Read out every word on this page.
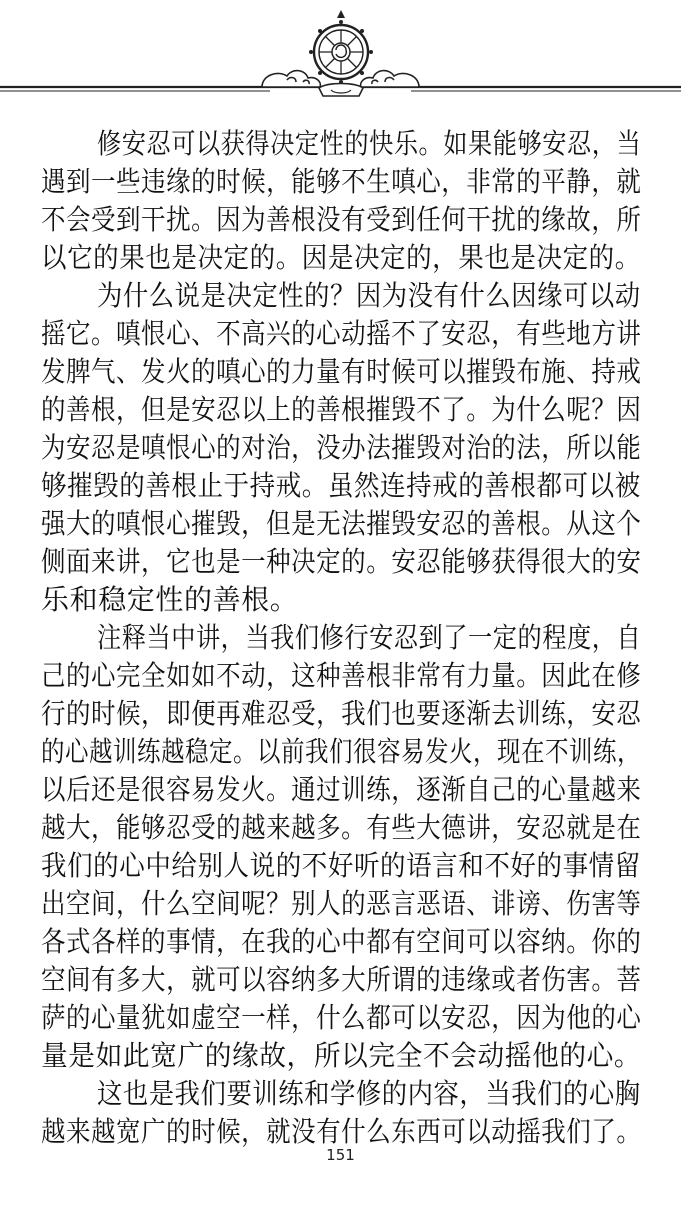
修安忍可以获得决定性的快乐。如果能够安忍，当
遇到一些违缘的时候，能够不生嗔心，非常的平静，就
不会受到干扰。因为善根没有受到任何干扰的缘故，所
以它的果也是决定的。因是决定的，果也是决定的。
为什么说是决定性的？因为没有什么因缘可以动
摇它。嗔恨心、不高兴的心动摇不了安忍，有些地方讲
发脾气、发火的嗔心的力量有时候可以摧毁布施、持戒
的善根，但是安忍以上的善根摧毁不了。为什么呢？因
为安忍是嗔恨心的对治，没办法摧毁对治的法，所以能
够摧毁的善根止于持戒。虽然连持戒的善根都可以被
强大的嗔恨心摧毁，但是无法摧毁安忍的善根。从这个
侧面来讲，它也是一种决定的。安忍能够获得很大的安
乐和稳定性的善根。
注释当中讲，当我们修行安忍到了一定的程度，自
己的心完全如如不动，这种善根非常有力量。因此在修
行的时候，即便再难忍受，我们也要逐渐去训练，安忍
的心越训练越稳定。以前我们很容易发火，现在不训练，
以后还是很容易发火。通过训练，逐渐自己的心量越来
越大，能够忍受的越来越多。有些大德讲，安忍就是在
我们的心中给别人说的不好听的语言和不好的事情留
出空间，什么空间呢？别人的恶言恶语、诽谤、伤害等
各式各样的事情，在我的心中都有空间可以容纳。你的
空间有多大，就可以容纳多大所谓的违缘或者伤害。菩
萨的心量犹如虚空一样，什么都可以安忍，因为他的心
量是如此宽广的缘故，所以完全不会动摇他的心。
这也是我们要训练和学修的内容，当我们的心胸
越来越宽广的时候，就没有什么东西可以动摇我们了。
151
